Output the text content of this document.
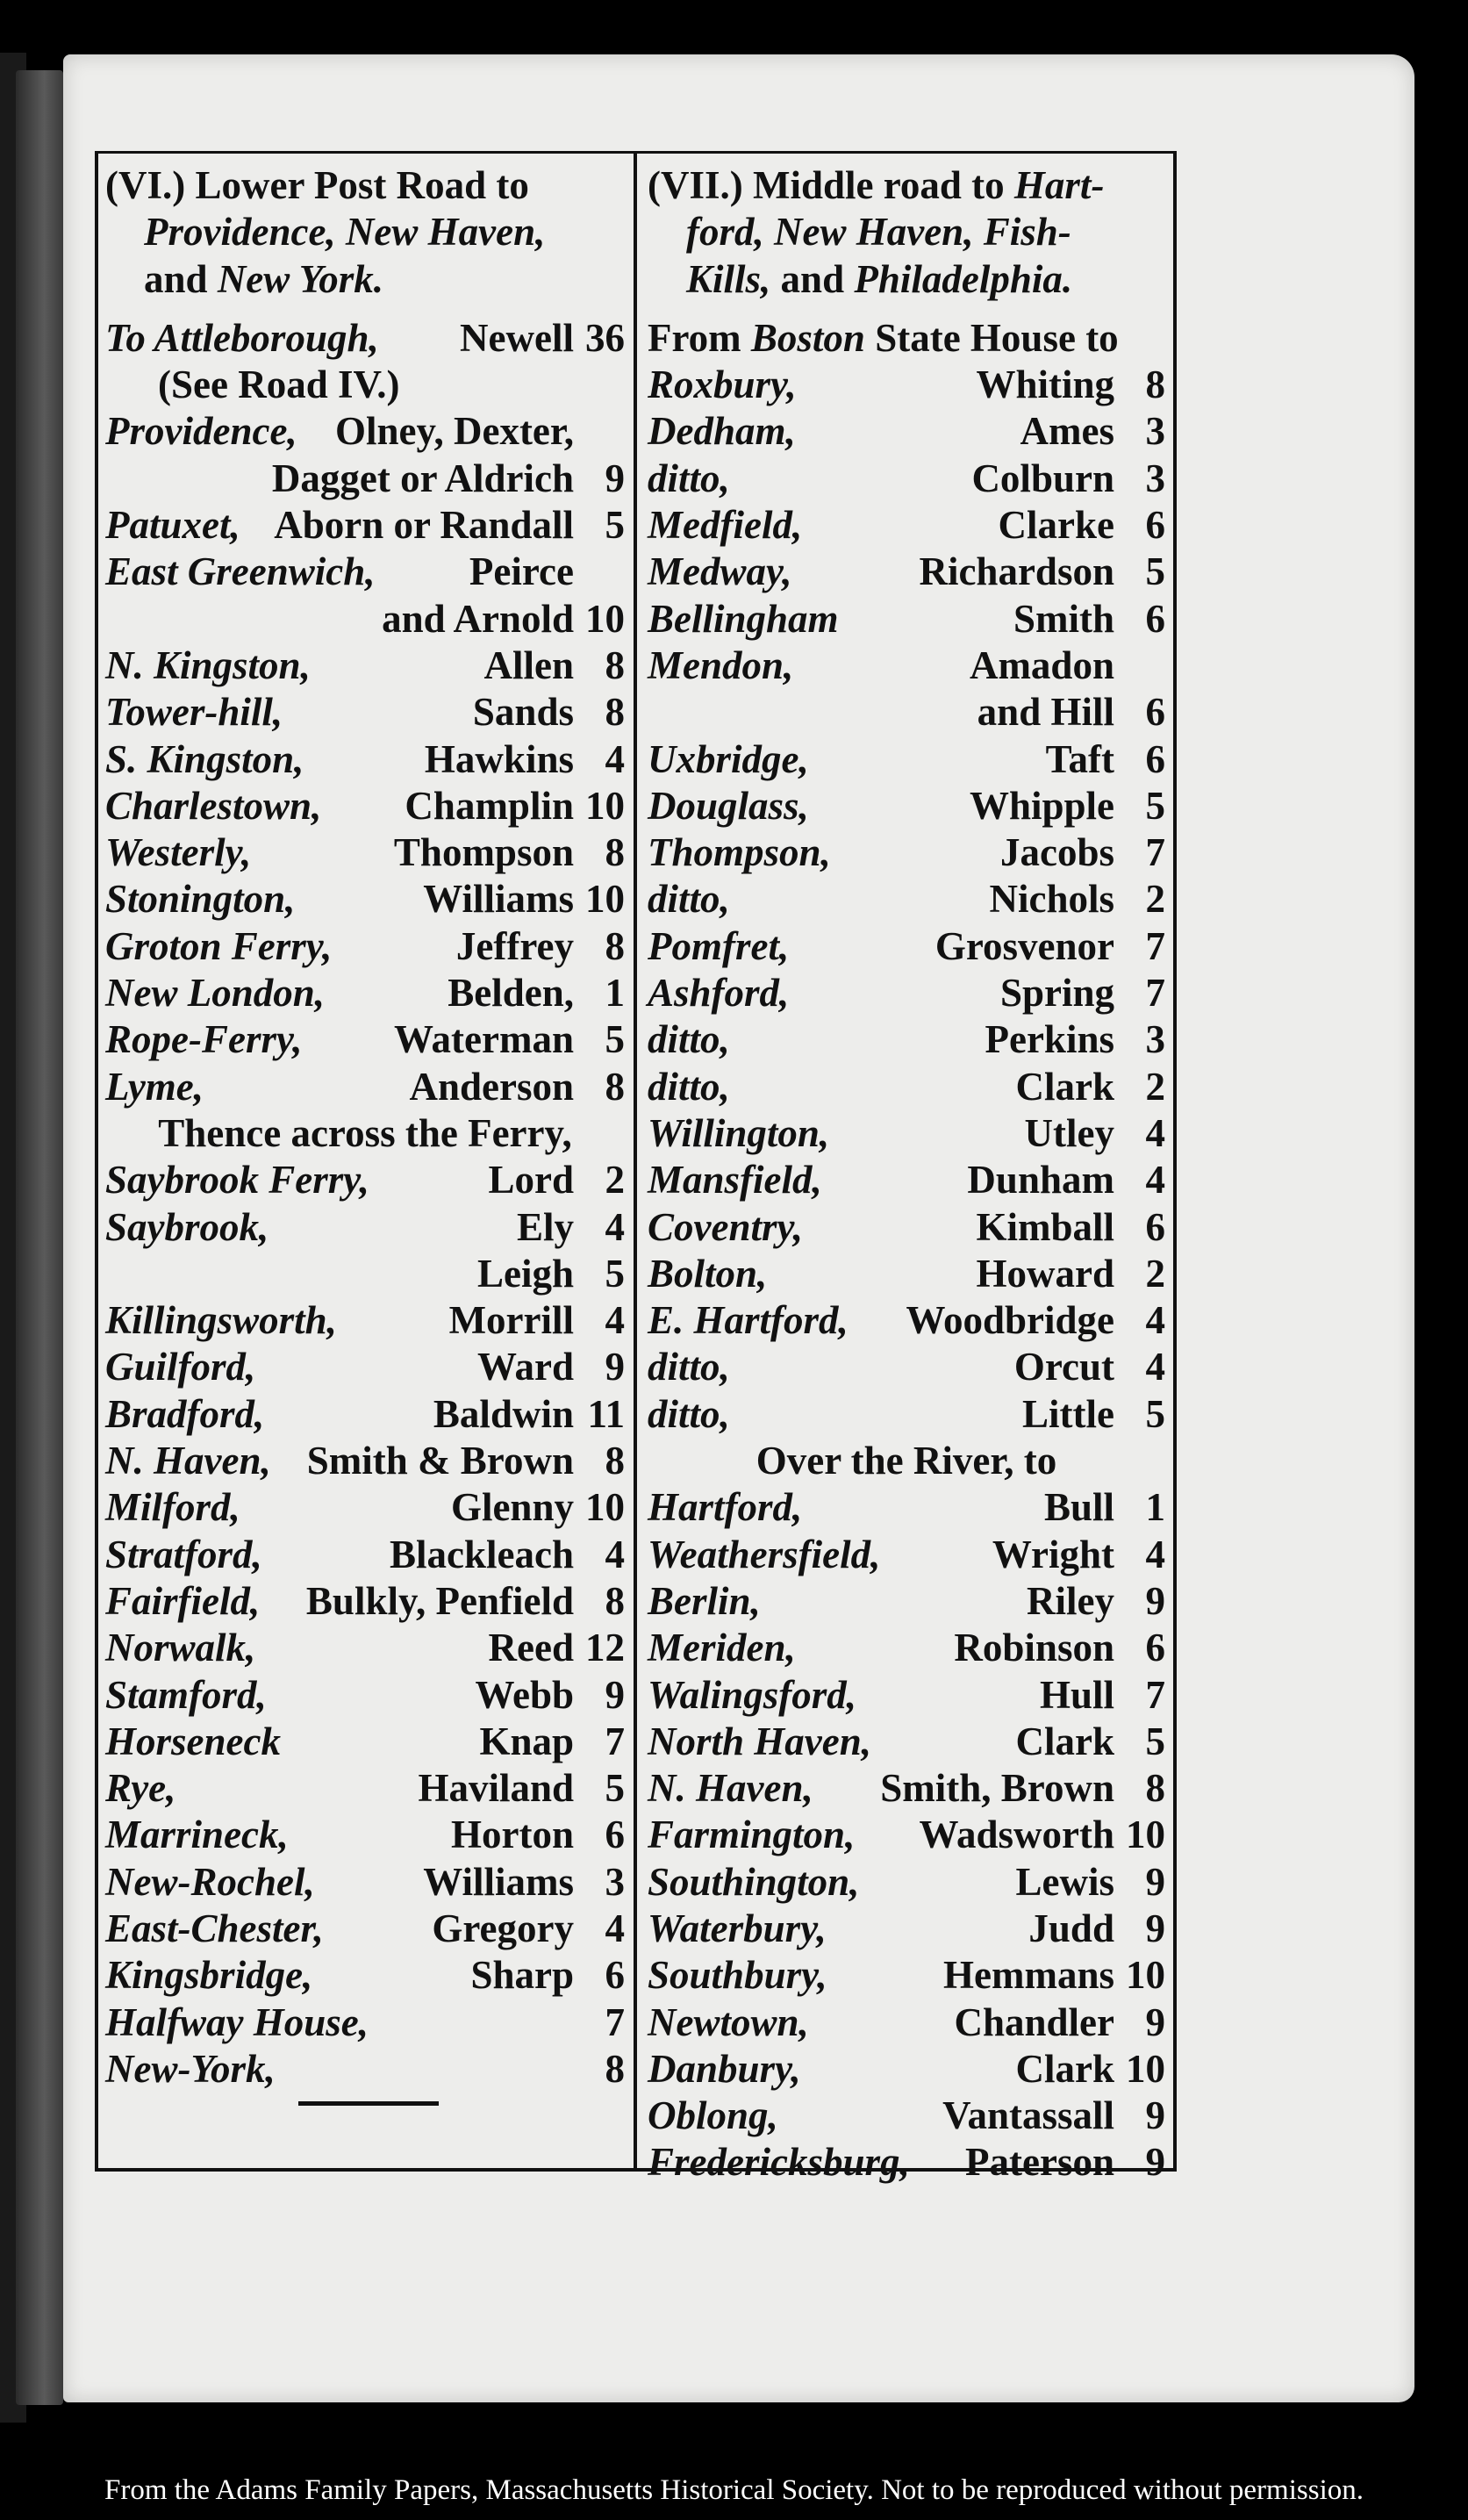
(VI.) Lower Post Road to
Providence, New Haven,
and New York.
To Attleborough,	Newell 36
(See Road IV.)
Providence, Olney, Dexter,
Dagget or Aldrich 9
Patuxet, Aborn or Randall 5
East Greenwich,	Peirce
and Arnold 10
N. Kingston,	Allen 8
Tower-hill,	Sands 8
S. Kingston,	Hawkins 4
Charlestown,	Champlin 10
Westerly,	Thompson 8
Stonington,	Williams 10
Groton Ferry,	Jeffrey 8
New London,	Belden, 1
Rope-Ferry,	Waterman 5
Lyme,	Anderson 8
Thence across the Ferry,
Saybrook Ferry,	Lord 2
Saybrook,	Ely 4
Leigh 5
Killingsworth,	Morrill 4
Guilford,	Ward 9
Bradford,	Baldwin 11
N. Haven, Smith & Brown 8
Milford,	Glenny 10
Stratford,	Blackleach 4
Fairfield,	Bulkly, Penfield 8
Norwalk,	Reed 12
Stamford,	Webb 9
Horseneck	Knap 7
Rye,	Haviland 5
Marrineck,	Horton 6
New-Rochel,	Williams 3
East-Chester,	Gregory 4
Kingsbridge,	Sharp 6
Halfway House,	7
New-York,	8
(VII.) Middle road to Hart-
ford, New Haven, Fish-
Kills, and Philadelphia.
From Boston State House to
Roxbury,	Whiting 8
Dedham,	Ames 3
ditto,	Colburn 3
Medfield,	Clarke 6
Medway,	Richardson 5
Bellingham	Smith 6
Mendon,	Amadon
and Hill 6
Uxbridge,	Taft 6
Douglass,	Whipple 5
Thompson,	Jacobs 7
ditto,	Nichols 2
Pomfret,	Grosvenor 7
Ashford,	Spring 7
ditto,	Perkins 3
ditto,	Clark 2
Willington,	Utley 4
Mansfield,	Dunham 4
Coventry,	Kimball 6
Bolton,	Howard 2
E. Hartford,	Woodbridge 4
ditto,	Orcut 4
ditto,	Little 5
Over the River, to
Hartford,	Bull 1
Weathersfield,	Wright 4
Berlin,	Riley 9
Meriden,	Robinson 6
Walingsford,	Hull 7
North Haven,	Clark 5
N. Haven,	Smith, Brown 8
Farmington,	Wadsworth 10
Southington,	Lewis 9
Waterbury,	Judd 9
Southbury,	Hemmans 10
Newtown,	Chandler 9
Danbury,	Clark 10
Oblong,	Vantassall 9
Fredericksburg,	Paterson 9
From the Adams Family Papers, Massachusetts Historical Society. Not to be reproduced without permission.
